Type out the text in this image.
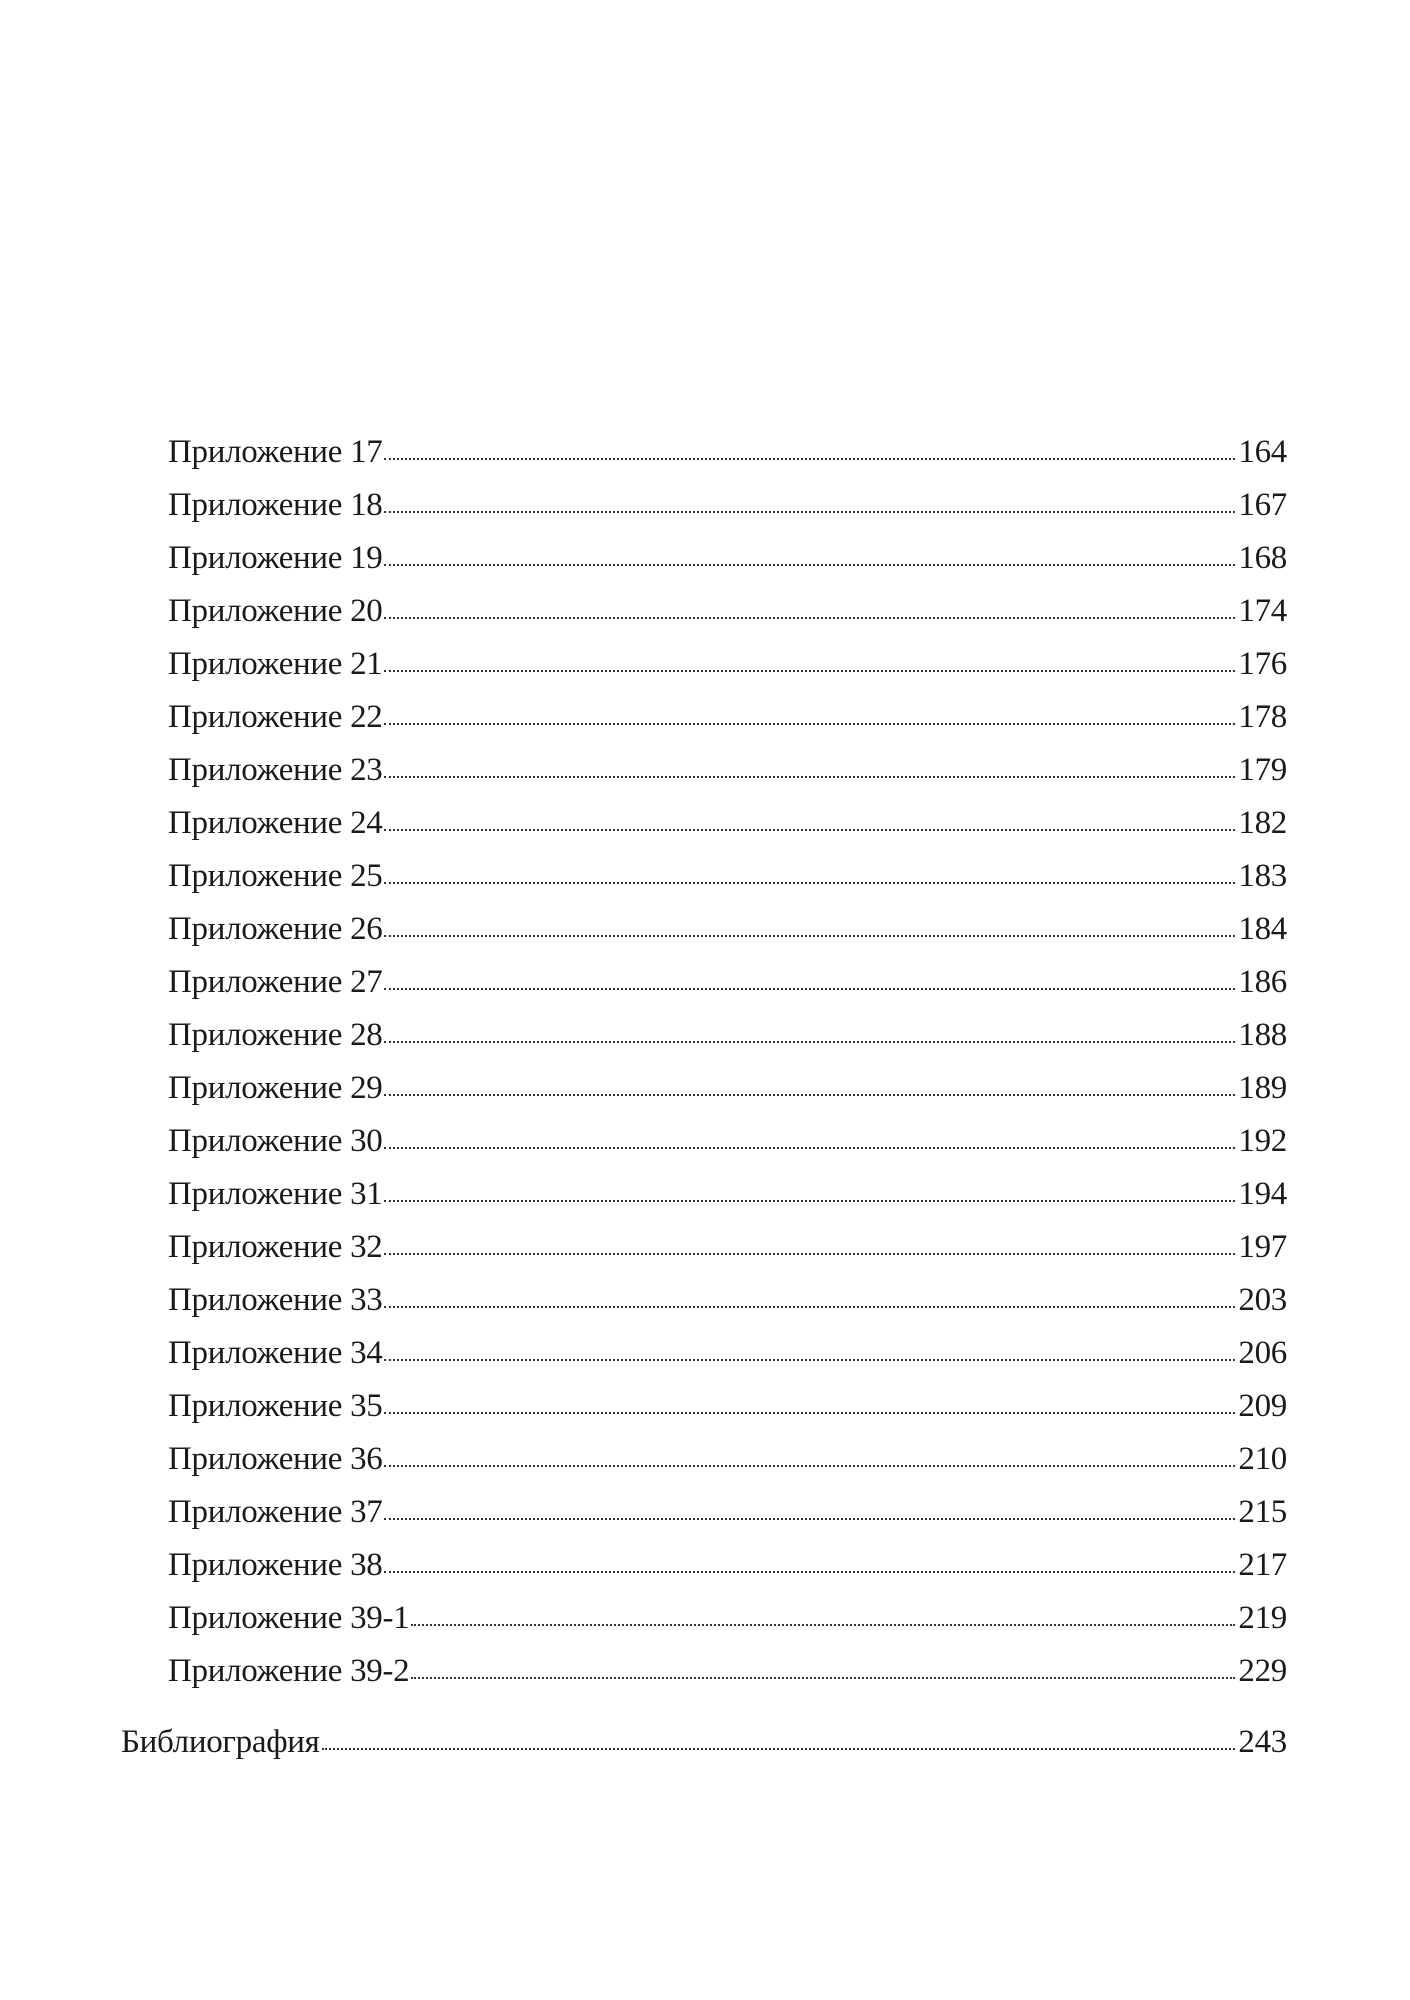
Приложение 17	164
Приложение 18	167
Приложение 19	168
Приложение 20	174
Приложение 21	176
Приложение 22	178
Приложение 23	179
Приложение 24	182
Приложение 25	183
Приложение 26	184
Приложение 27	186
Приложение 28	188
Приложение 29	189
Приложение 30	192
Приложение 31	194
Приложение 32	197
Приложение 33	203
Приложение 34	206
Приложение 35	209
Приложение 36	210
Приложение 37	215
Приложение 38	217
Приложение 39-1	219
Приложение 39-2	229
Библиография	243
